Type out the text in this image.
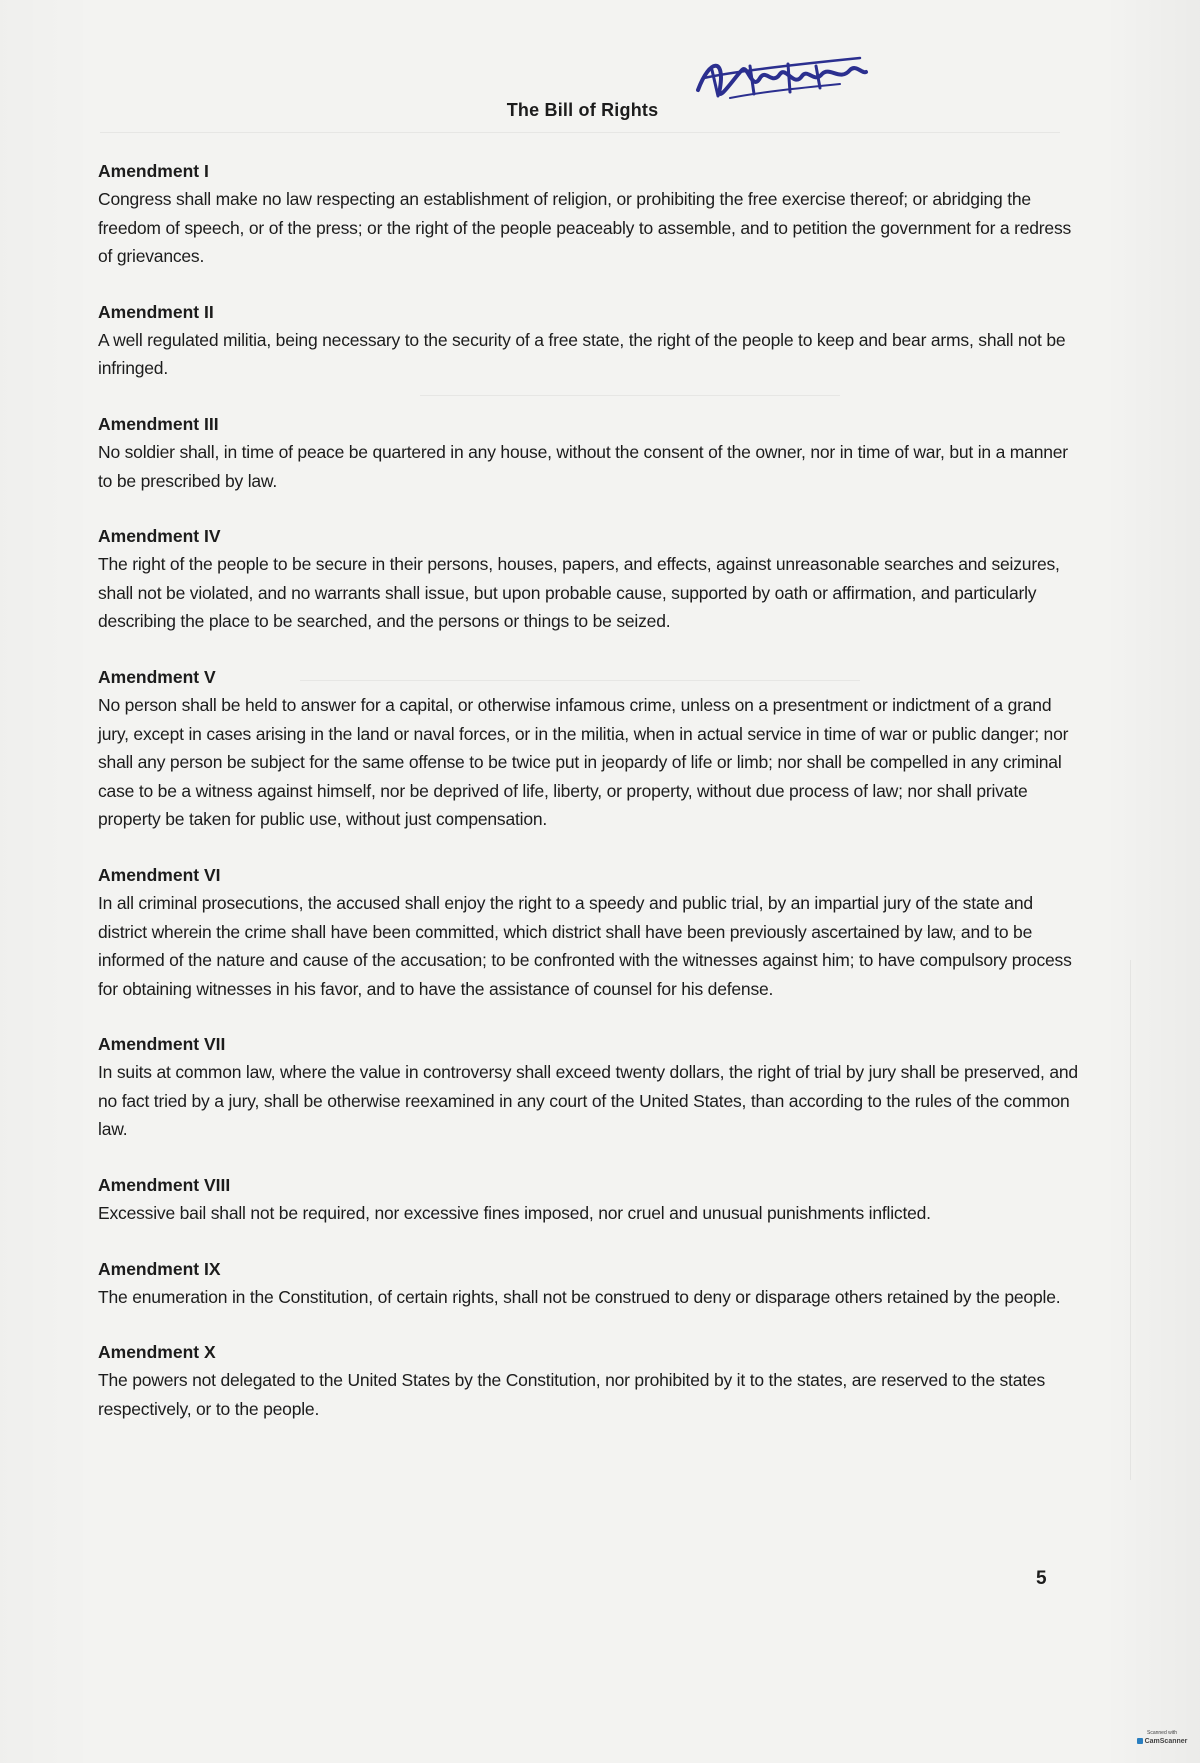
The Bill of Rights
Amendment I

Congress shall make no law respecting an establishment of religion, or prohibiting the free exercise thereof; or abridging the freedom of speech, or of the press; or the right of the people peaceably to assemble, and to petition the government for a redress of grievances.

Amendment II

A well regulated militia, being necessary to the security of a free state, the right of the people to keep and bear arms, shall not be infringed.

Amendment III

No soldier shall, in time of peace be quartered in any house, without the consent of the owner, nor in time of war, but in a manner to be prescribed by law.

Amendment IV

The right of the people to be secure in their persons, houses, papers, and effects, against unreasonable searches and seizures, shall not be violated, and no warrants shall issue, but upon probable cause, supported by oath or affirmation, and particularly describing the place to be searched, and the persons or things to be seized.

Amendment V

No person shall be held to answer for a capital, or otherwise infamous crime, unless on a presentment or indictment of a grand jury, except in cases arising in the land or naval forces, or in the militia, when in actual service in time of war or public danger; nor shall any person be subject for the same offense to be twice put in jeopardy of life or limb; nor shall be compelled in any criminal case to be a witness against himself, nor be deprived of life, liberty, or property, without due process of law; nor shall private property be taken for public use, without just compensation.

Amendment VI

In all criminal prosecutions, the accused shall enjoy the right to a speedy and public trial, by an impartial jury of the state and district wherein the crime shall have been committed, which district shall have been previously ascertained by law, and to be informed of the nature and cause of the accusation; to be confronted with the witnesses against him; to have compulsory process for obtaining witnesses in his favor, and to have the assistance of counsel for his defense.

Amendment VII

In suits at common law, where the value in controversy shall exceed twenty dollars, the right of trial by jury shall be preserved, and no fact tried by a jury, shall be otherwise reexamined in any court of the United States, than according to the rules of the common law.

Amendment VIII

Excessive bail shall not be required, nor excessive fines imposed, nor cruel and unusual punishments inflicted.

Amendment IX

The enumeration in the Constitution, of certain rights, shall not be construed to deny or disparage others retained by the people.

Amendment X

The powers not delegated to the United States by the Constitution, nor prohibited by it to the states, are reserved to the states respectively, or to the people.

5
Scanned with
CamScanner
